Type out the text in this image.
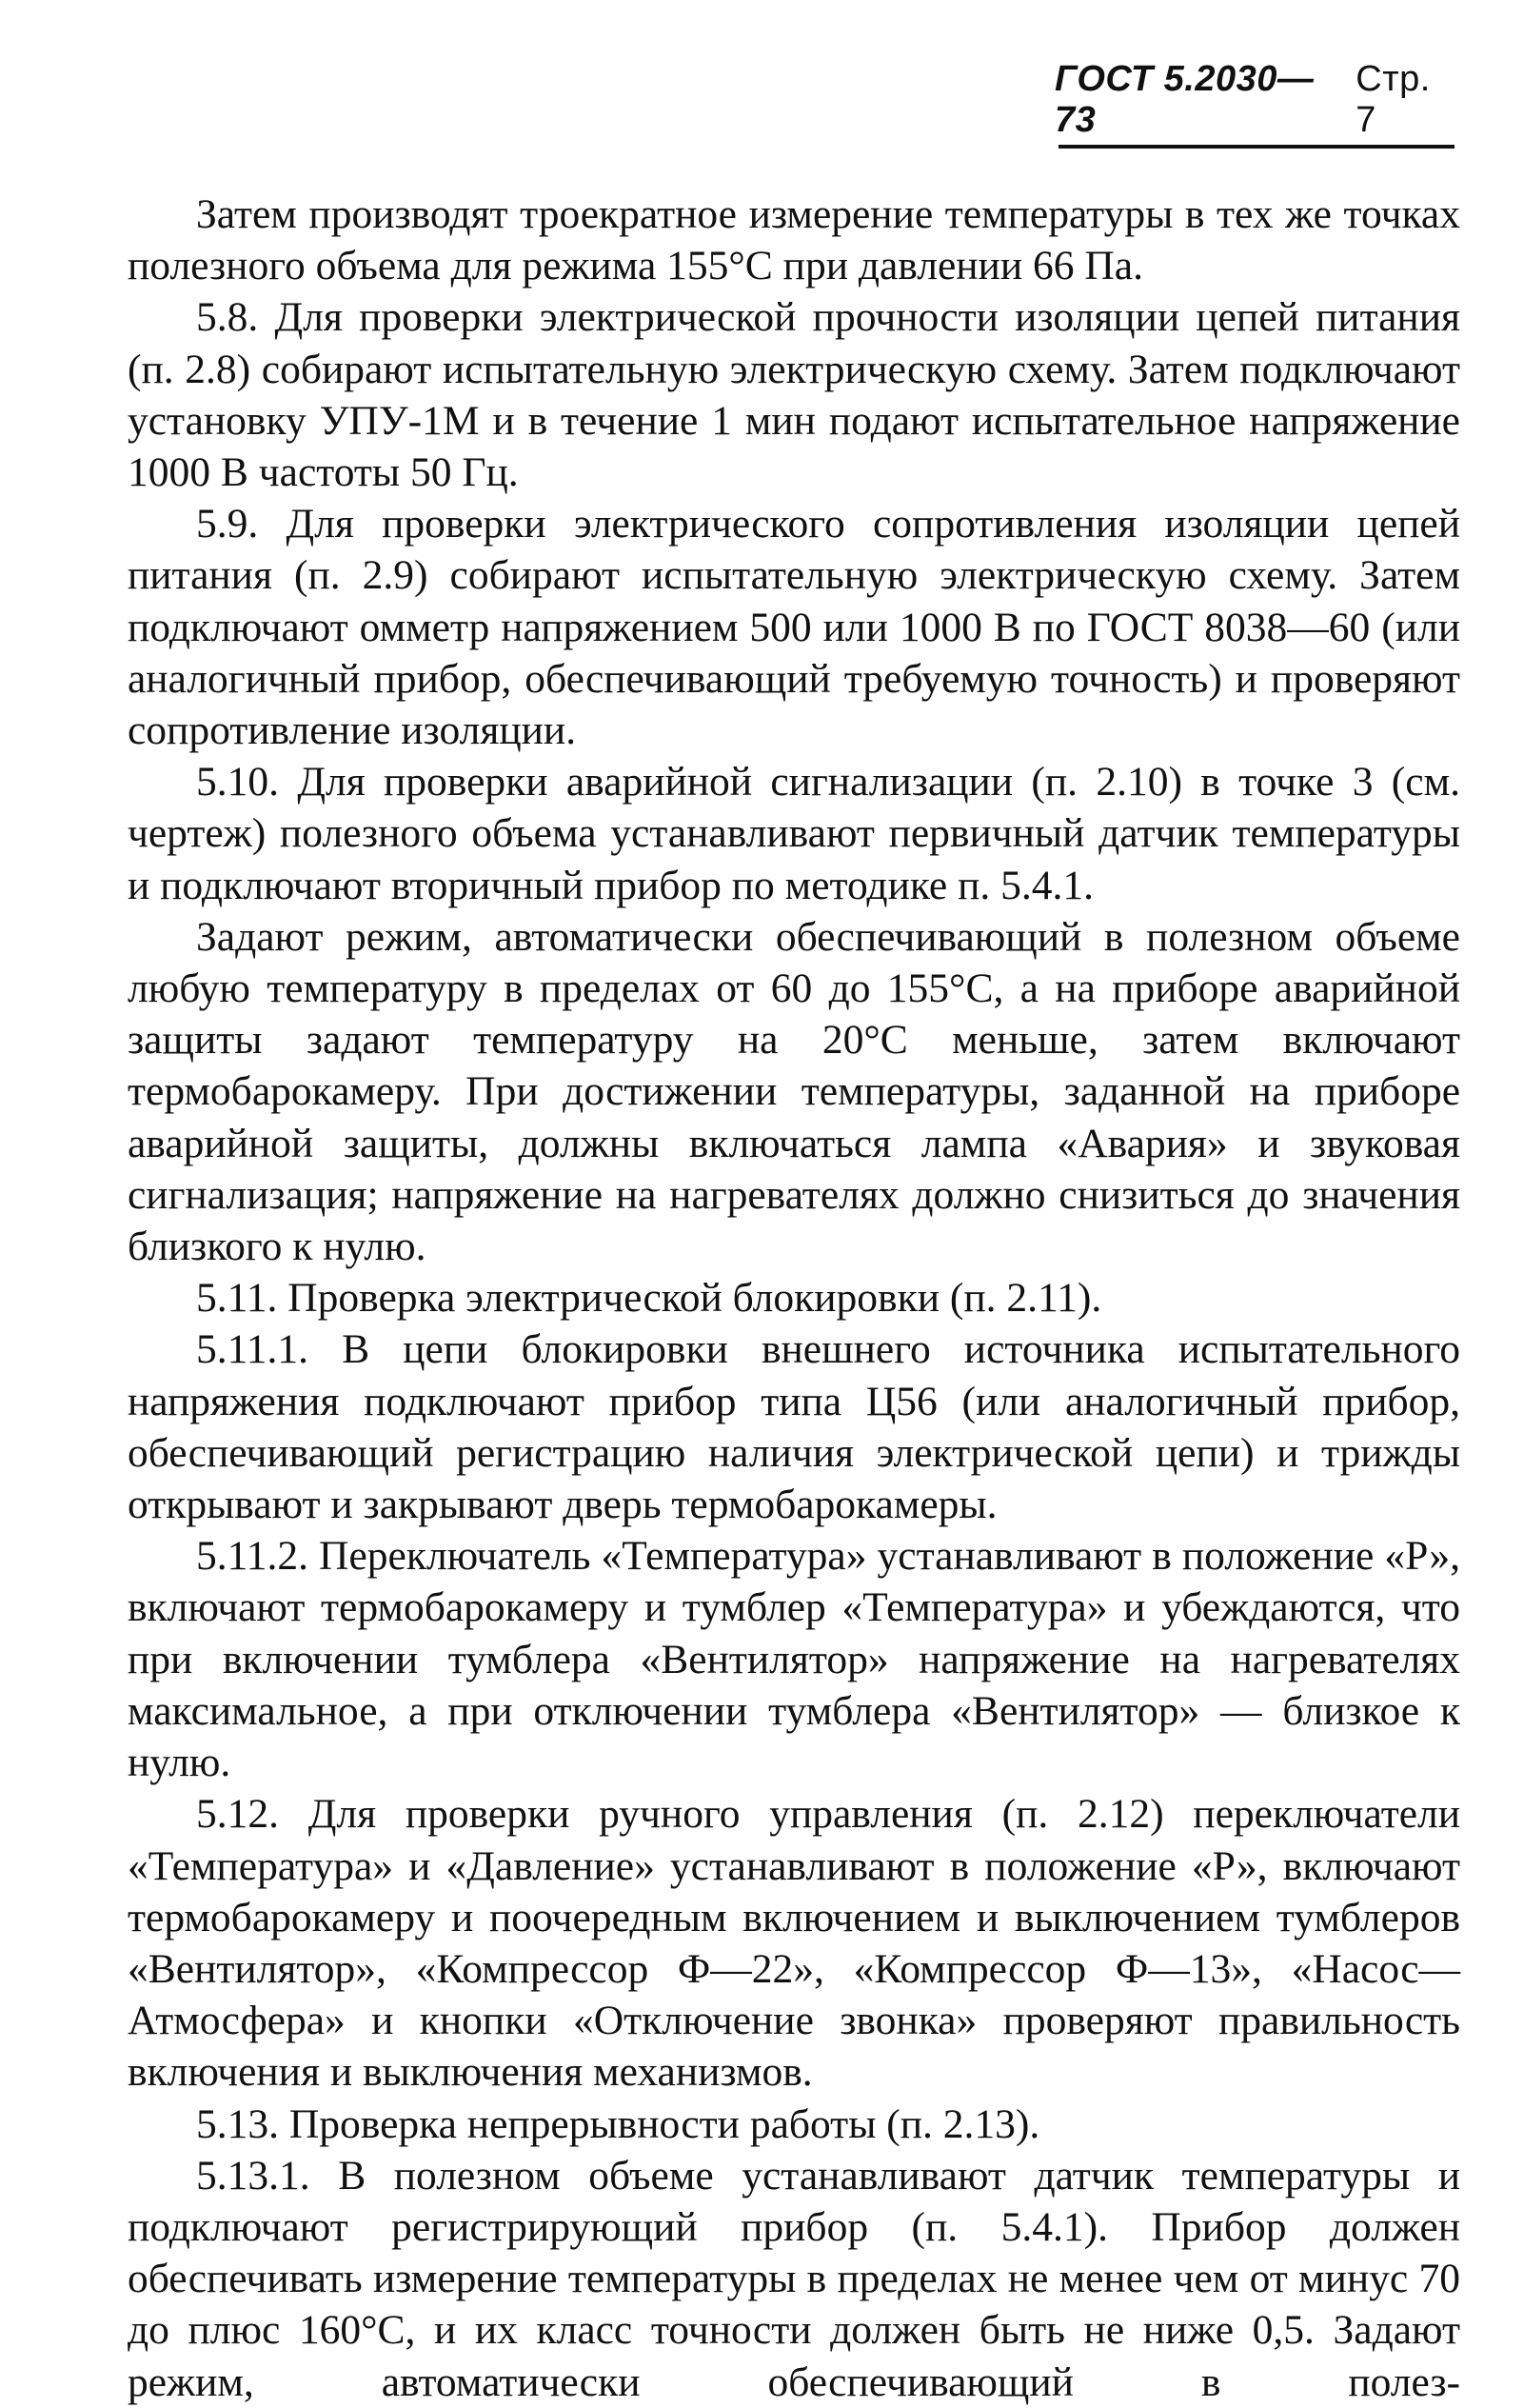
ГОСТ 5.2030—73
Стр. 7

Затем производят троекратное измерение температуры в тех же точках полезного объема для режима 155°С при давлении 66 Па.

5.8. Для проверки электрической прочности изоляции цепей питания (п. 2.8) собирают испытательную электрическую схему. Затем подключают установку УПУ-1М и в течение 1 мин подают испытательное напряжение 1000 В частоты 50 Гц.

5.9. Для проверки электрического сопротивления изоляции цепей питания (п. 2.9) собирают испытательную электрическую схему. Затем подключают омметр напряжением 500 или 1000 В по ГОСТ 8038—60 (или аналогичный прибор, обеспечивающий требуемую точность) и проверяют сопротивление изоляции.

5.10. Для проверки аварийной сигнализации (п. 2.10) в точке 3 (см. чертеж) полезного объема устанавливают первичный датчик температуры и подключают вторичный прибор по методике п. 5.4.1.

Задают режим, автоматически обеспечивающий в полезном объеме любую температуру в пределах от 60 до 155°С, а на приборе аварийной защиты задают температуру на 20°С меньше, затем включают термобарокамеру. При достижении температуры, заданной на приборе аварийной защиты, должны включаться лампа «Авария» и звуковая сигнализация; напряжение на нагревателях должно снизиться до значения близкого к нулю.

5.11. Проверка электрической блокировки (п. 2.11).

5.11.1. В цепи блокировки внешнего источника испытательного напряжения подключают прибор типа Ц56 (или аналогичный прибор, обеспечивающий регистрацию наличия электрической цепи) и трижды открывают и закрывают дверь термобарокамеры.

5.11.2. Переключатель «Температура» устанавливают в положение «Р», включают термобарокамеру и тумблер «Температура» и убеждаются, что при включении тумблера «Вентилятор» напряжение на нагревателях максимальное, а при отключении тумблера «Вентилятор» — близкое к нулю.

5.12. Для проверки ручного управления (п. 2.12) переключатели «Температура» и «Давление» устанавливают в положение «Р», включают термобарокамеру и поочередным включением и выключением тумблеров «Вентилятор», «Компрессор Ф—22», «Компрессор Ф—13», «Насос—Атмосфера» и кнопки «Отключение звонка» проверяют правильность включения и выключения механизмов.

5.13. Проверка непрерывности работы (п. 2.13).

5.13.1. В полезном объеме устанавливают датчик температуры и подключают регистрирующий прибор (п. 5.4.1). Прибор должен обеспечивать измерение температуры в пределах не менее чем от минус 70 до плюс 160°С, и их класс точности должен быть не ниже 0,5. Задают режим, автоматически обеспечивающий в полез-
